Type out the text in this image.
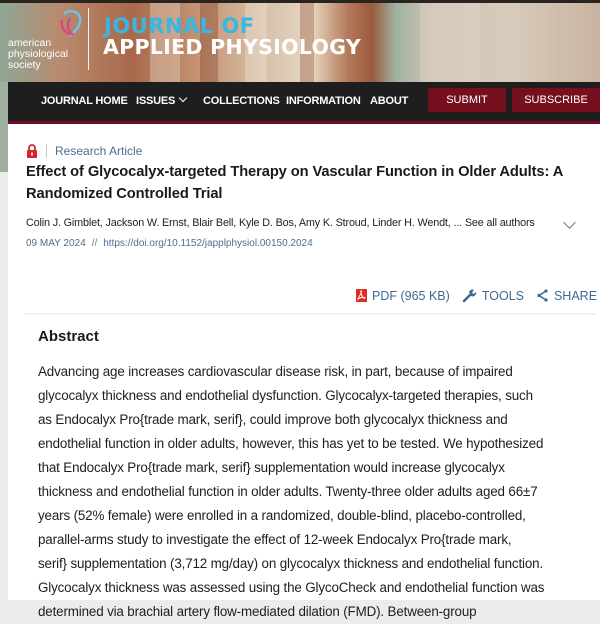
american
physiological
society
JOURNAL OF
APPLIED PHYSIOLOGY
JOURNAL HOME ISSUES	COLLECTIONS INFORMATION ABOUT	SUBMIT	SUBSCRIBE
Research Article
Effect of Glycocalyx-targeted Therapy on Vascular Function in Older Adults: A Randomized Controlled Trial
Colin J. Gimblet, Jackson W. Ernst, Blair Bell, Kyle D. Bos, Amy K. Stroud, Linder H. Wendt, ... See all authors
09 MAY 2024 // https://doi.org/10.1152/japplphysiol.00150.2024
PDF (965 KB)	TOOLS SHARE
Abstract
Advancing age increases cardiovascular disease risk, in part, because of impaired
glycocalyx thickness and endothelial dysfunction. Glycocalyx-targeted therapies, such
as Endocalyx Pro{trade mark, serif}, could improve both glycocalyx thickness and
endothelial function in older adults, however, this has yet to be tested. We hypothesized
that Endocalyx Pro{trade mark, serif} supplementation would increase glycocalyx
thickness and endothelial function in older adults. Twenty-three older adults aged 66±7
years (52% female) were enrolled in a randomized, double-blind, placebo-controlled,
parallel-arms study to investigate the effect of 12-week Endocalyx Pro{trade mark,
serif} supplementation (3,712 mg/day) on glycocalyx thickness and endothelial function.
Glycocalyx thickness was assessed using the GlycoCheck and endothelial function was
determined via brachial artery flow-mediated dilation (FMD). Between-group
